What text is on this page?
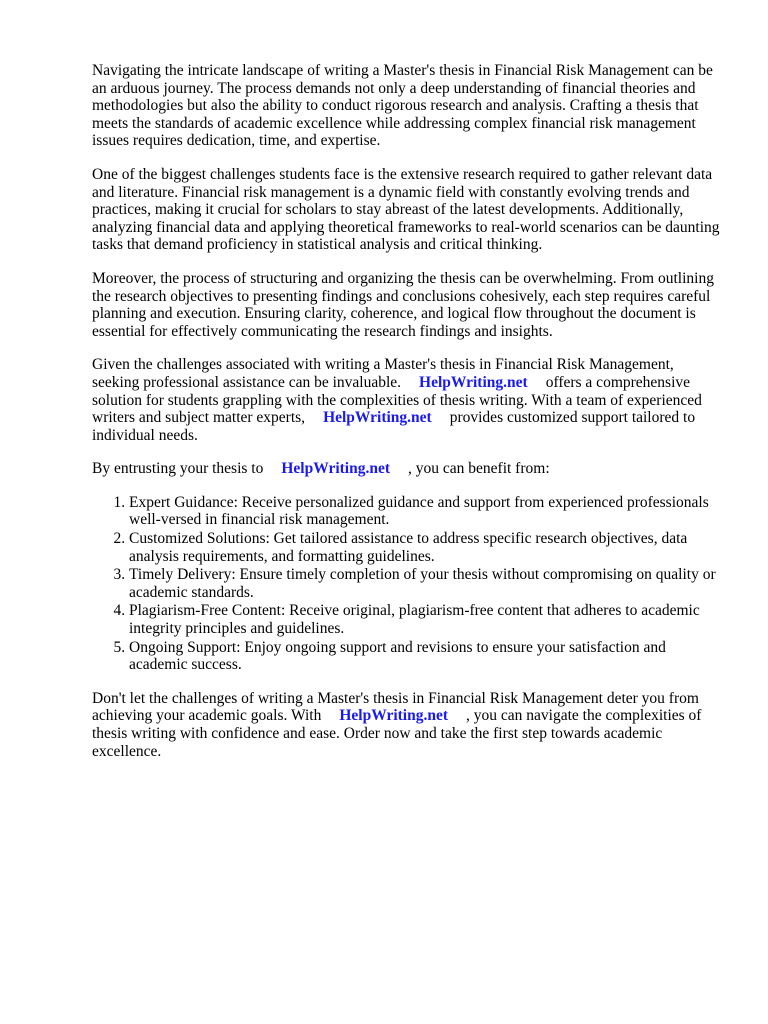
Navigating the intricate landscape of writing a Master's thesis in Financial Risk Management can be an arduous journey. The process demands not only a deep understanding of financial theories and methodologies but also the ability to conduct rigorous research and analysis. Crafting a thesis that meets the standards of academic excellence while addressing complex financial risk management issues requires dedication, time, and expertise.

One of the biggest challenges students face is the extensive research required to gather relevant data and literature. Financial risk management is a dynamic field with constantly evolving trends and practices, making it crucial for scholars to stay abreast of the latest developments. Additionally, analyzing financial data and applying theoretical frameworks to real-world scenarios can be daunting tasks that demand proficiency in statistical analysis and critical thinking.

Moreover, the process of structuring and organizing the thesis can be overwhelming. From outlining the research objectives to presenting findings and conclusions cohesively, each step requires careful planning and execution. Ensuring clarity, coherence, and logical flow throughout the document is essential for effectively communicating the research findings and insights.

Given the challenges associated with writing a Master's thesis in Financial Risk Management, seeking professional assistance can be invaluable. HelpWriting.net offers a comprehensive solution for students grappling with the complexities of thesis writing. With a team of experienced writers and subject matter experts, HelpWriting.net provides customized support tailored to individual needs.

By entrusting your thesis to HelpWriting.net , you can benefit from:

1. Expert Guidance: Receive personalized guidance and support from experienced professionals well-versed in financial risk management.
2. Customized Solutions: Get tailored assistance to address specific research objectives, data analysis requirements, and formatting guidelines.
3. Timely Delivery: Ensure timely completion of your thesis without compromising on quality or academic standards.
4. Plagiarism-Free Content: Receive original, plagiarism-free content that adheres to academic integrity principles and guidelines.
5. Ongoing Support: Enjoy ongoing support and revisions to ensure your satisfaction and academic success.

Don't let the challenges of writing a Master's thesis in Financial Risk Management deter you from achieving your academic goals. With HelpWriting.net , you can navigate the complexities of thesis writing with confidence and ease. Order now and take the first step towards academic excellence.
